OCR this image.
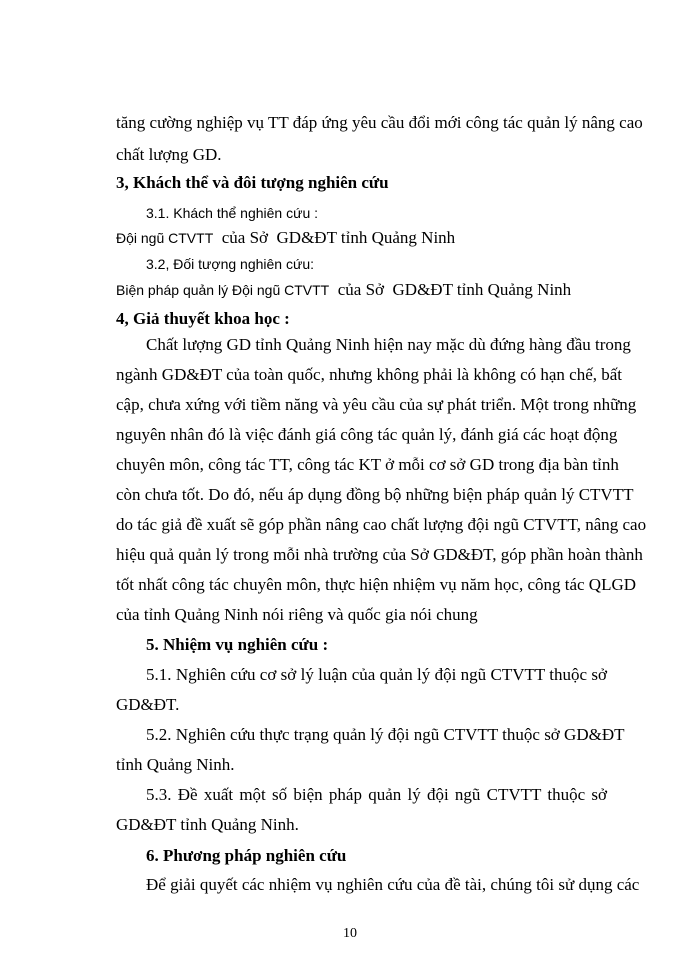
tăng cường nghiệp vụ TT đáp ứng yêu cầu đổi mới công tác quản lý nâng cao

chất lượng GD.

3, Khách thể và đôi tượng nghiên cứu

3.1. Khách thể nghiên cứu :

Đội ngũ CTVTT  của Sở  GD&ĐT tỉnh Quảng Ninh

3.2, Đối tượng nghiên cứu:

Biện pháp quản lý Đội ngũ CTVTT  của Sở  GD&ĐT tỉnh Quảng Ninh

4, Giả thuyết khoa học :

Chất lượng GD tỉnh Quảng Ninh hiện nay mặc dù đứng hàng đầu trong

ngành GD&ĐT của toàn quốc, nhưng không phải là không có hạn chế, bất

cập, chưa xứng với tiềm năng và yêu cầu của sự phát triển. Một trong những

nguyên nhân đó là việc đánh giá công tác quản lý, đánh giá các hoạt động

chuyên môn, công tác TT, công tác KT ở mỗi cơ sở GD trong địa bàn tỉnh

còn chưa tốt. Do đó, nếu áp dụng đồng bộ những biện pháp quản lý CTVTT

do tác giả đề xuất sẽ góp phần nâng cao chất lượng đội ngũ CTVTT, nâng cao

hiệu quả quản lý trong mỗi nhà trường của Sở GD&ĐT, góp phần hoàn thành

tốt nhất công tác chuyên môn, thực hiện nhiệm vụ năm học, công tác QLGD

của tỉnh Quảng Ninh nói riêng và quốc gia nói chung

5. Nhiệm vụ nghiên cứu :

5.1. Nghiên cứu cơ sở lý luận của quản lý đội ngũ CTVTT thuộc sở

GD&ĐT.

5.2. Nghiên cứu thực trạng quản lý đội ngũ CTVTT thuộc sở GD&ĐT

tỉnh Quảng Ninh.

5.3. Đề xuất một số biện pháp quản lý đội ngũ CTVTT thuộc sở

GD&ĐT tỉnh Quảng Ninh.

6. Phương pháp nghiên cứu

Để giải quyết các nhiệm vụ nghiên cứu của đề tài, chúng tôi sử dụng các

10
